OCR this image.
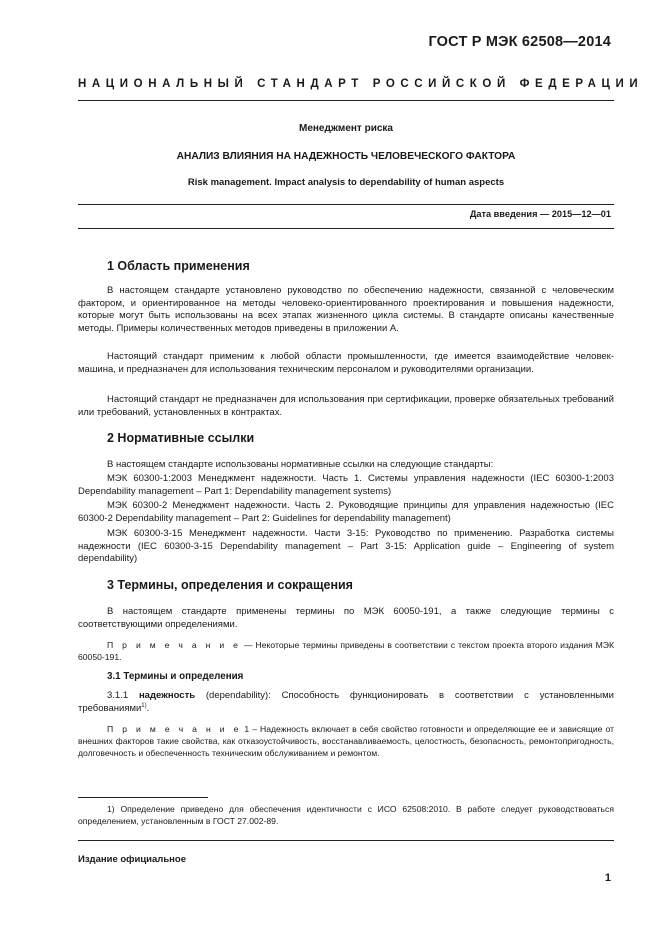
ГОСТ Р МЭК 62508—2014
НАЦИОНАЛЬНЫЙ СТАНДАРТ РОССИЙСКОЙ ФЕДЕРАЦИИ
Менеджмент риска
АНАЛИЗ ВЛИЯНИЯ НА НАДЕЖНОСТЬ ЧЕЛОВЕЧЕСКОГО ФАКТОРА
Risk management. Impact analysis to dependability of human aspects
Дата введения — 2015—12—01
1 Область применения

В настоящем стандарте установлено руководство по обеспечению надежности, связанной с человеческим фактором, и ориентированное на методы человеко-ориентированного проектирования и повышения надежности, которые могут быть использованы на всех этапах жизненного цикла системы. В стандарте описаны качественные методы. Примеры количественных методов приведены в приложении А.

Настоящий стандарт применим к любой области промышленности, где имеется взаимодействие человек-машина, и предназначен для использования техническим персоналом и руководителями организации.

Настоящий стандарт не предназначен для использования при сертификации, проверке обязательных требований или требований, установленных в контрактах.

2 Нормативные ссылки

В настоящем стандарте использованы нормативные ссылки на следующие стандарты:

МЭК 60300-1:2003 Менеджмент надежности. Часть 1. Системы управления надежности (IEC 60300-1:2003 Dependability management – Part 1: Dependability management systems)

МЭК 60300-2 Менеджмент надежности. Часть 2. Руководящие принципы для управления надежностью (IEC 60300-2 Dependability management – Part 2: Guidelines for dependability management)

МЭК 60300-3-15 Менеджмент надежности. Части 3-15: Руководство по применению. Разработка системы надежности (IEC 60300-3-15 Dependability management – Part 3-15: Application guide – Engineering of system dependability)

3 Термины, определения и сокращения

В настоящем стандарте применены термины по МЭК 60050-191, а также следующие термины с соответствующими определениями.

П р и м е ч а н и е — Некоторые термины приведены в соответствии с текстом проекта второго издания МЭК 60050-191.

3.1 Термины и определения

3.1.1 надежность (dependability): Способность функционировать в соответствии с установленными требованиями$^{1)}$.

П р и м е ч а н и е 1 – Надежность включает в себя свойство готовности и определяющие ее и зависящие от внешних факторов такие свойства, как отказоустойчивость, восстанавливаемость, целостность, безопасность, ремонтопригодность, долговечность и обеспеченность техническим обслуживанием и ремонтом.

1) Определение приведено для обеспечения идентичности с ИСО 62508:2010. В работе следует руководствоваться определением, установленным в ГОСТ 27.002-89.

Издание официальное
1
